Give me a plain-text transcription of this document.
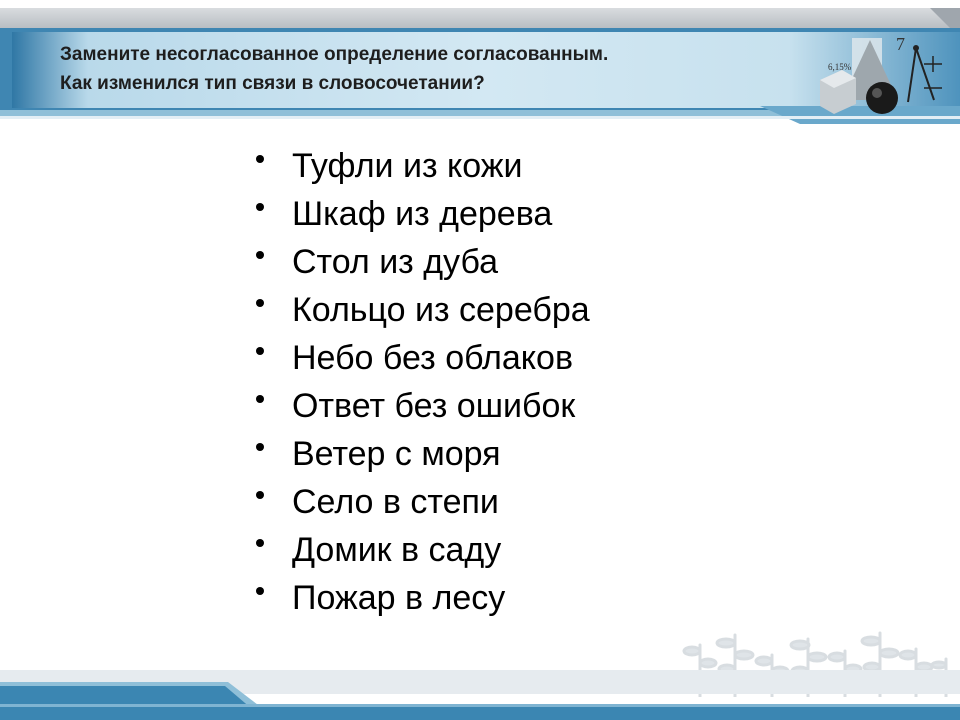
Замените несогласованное определение согласованным.
Как изменился тип связи в словосочетании?
6,15%
7
Туфли из кожи
Шкаф из дерева
Стол из дуба
Кольцо из серебра
Небо без облаков
Ответ без ошибок
Ветер с моря
Село в степи
Домик в саду
Пожар в лесу
